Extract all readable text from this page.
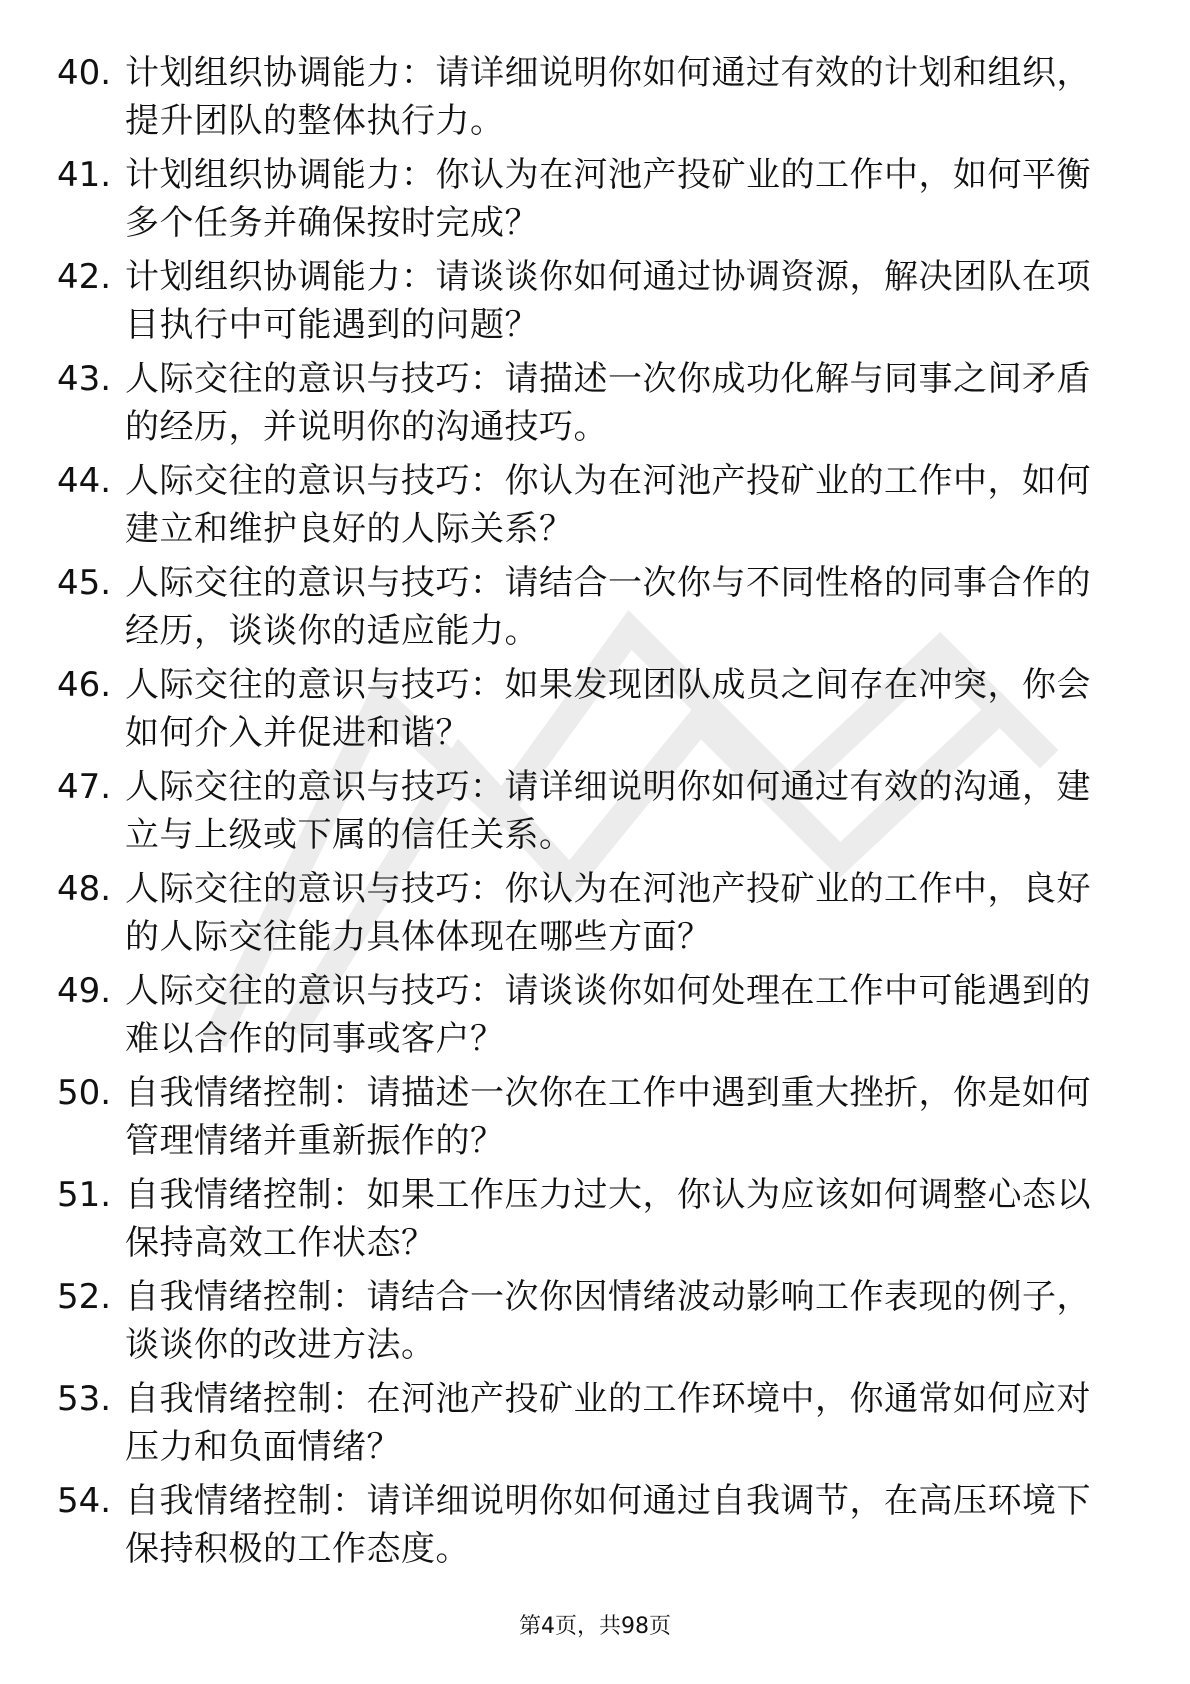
40. 计划组织协调能力：请详细说明你如何通过有效的计划和组织，提升团队的整体执行力。
41. 计划组织协调能力：你认为在河池产投矿业的工作中，如何平衡多个任务并确保按时完成？
42. 计划组织协调能力：请谈谈你如何通过协调资源，解决团队在项目执行中可能遇到的问题？
43. 人际交往的意识与技巧：请描述一次你成功化解与同事之间矛盾的经历，并说明你的沟通技巧。
44. 人际交往的意识与技巧：你认为在河池产投矿业的工作中，如何建立和维护良好的人际关系？
45. 人际交往的意识与技巧：请结合一次你与不同性格的同事合作的经历，谈谈你的适应能力。
46. 人际交往的意识与技巧：如果发现团队成员之间存在冲突，你会如何介入并促进和谐？
47. 人际交往的意识与技巧：请详细说明你如何通过有效的沟通，建立与上级或下属的信任关系。
48. 人际交往的意识与技巧：你认为在河池产投矿业的工作中，良好的人际交往能力具体体现在哪些方面？
49. 人际交往的意识与技巧：请谈谈你如何处理在工作中可能遇到的难以合作的同事或客户？
50. 自我情绪控制：请描述一次你在工作中遇到重大挫折，你是如何管理情绪并重新振作的？
51. 自我情绪控制：如果工作压力过大，你认为应该如何调整心态以保持高效工作状态？
52. 自我情绪控制：请结合一次你因情绪波动影响工作表现的例子，谈谈你的改进方法。
53. 自我情绪控制：在河池产投矿业的工作环境中，你通常如何应对压力和负面情绪？
54. 自我情绪控制：请详细说明你如何通过自我调节，在高压环境下保持积极的工作态度。
第4页，共98页
